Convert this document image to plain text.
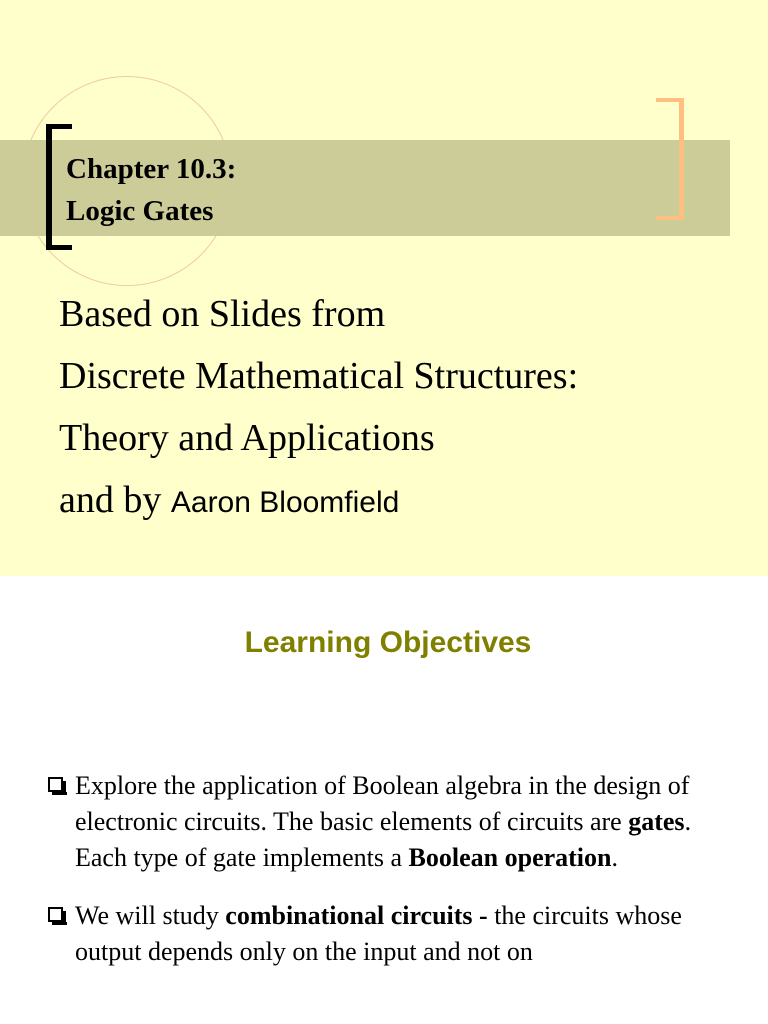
Chapter 10.3:
Logic Gates
Based on Slides from
Discrete Mathematical Structures:
Theory and Applications
and by Aaron Bloomfield
Learning Objectives
Explore the application of Boolean algebra in the design of electronic circuits. The basic elements of circuits are gates. Each type of gate implements a Boolean operation.
We will study combinational circuits - the circuits whose output depends only on the input and not on
